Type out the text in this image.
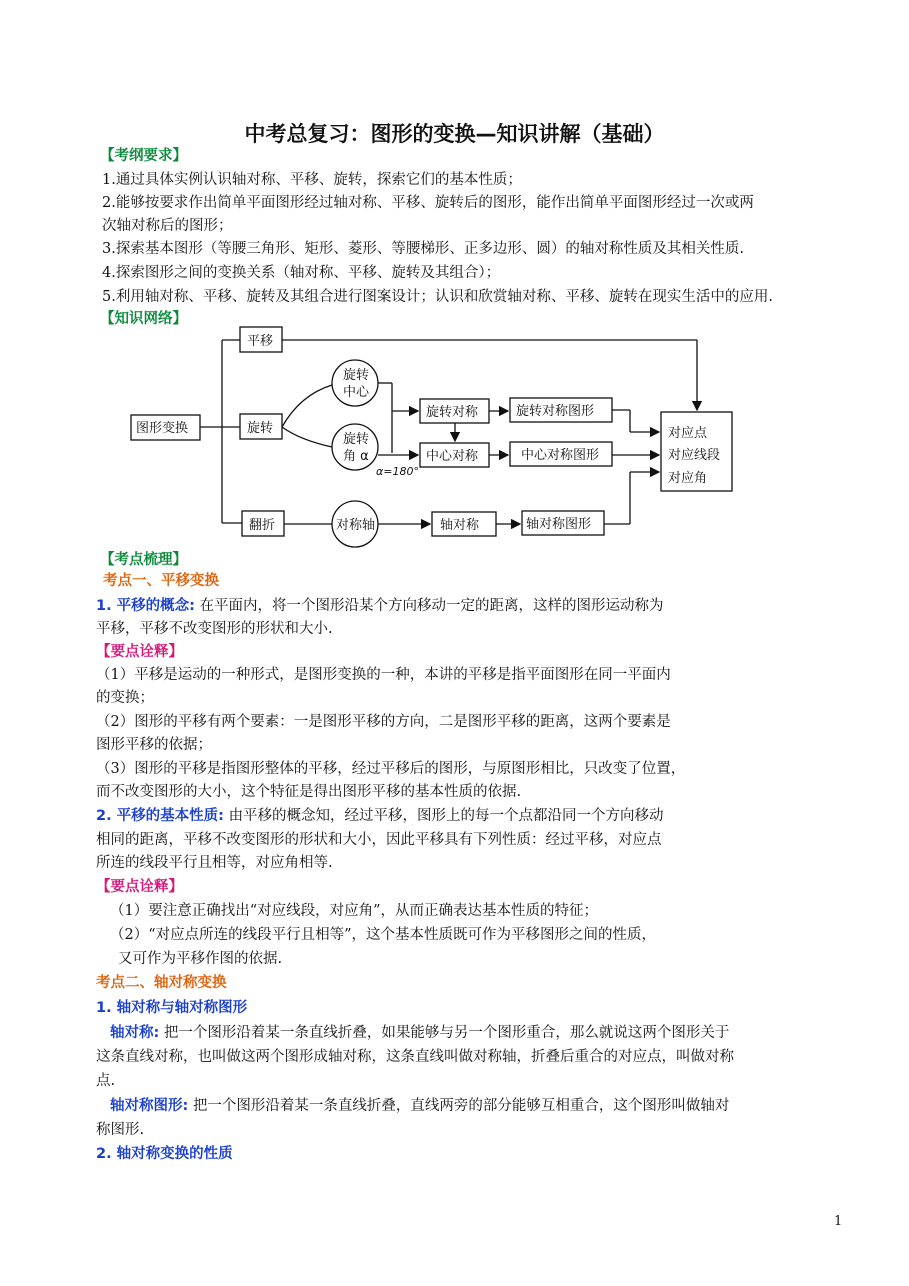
中考总复习：图形的变换—知识讲解（基础）
【考纲要求】
1.通过具体实例认识轴对称、平移、旋转，探索它们的基本性质；
2.能够按要求作出简单平面图形经过轴对称、平移、旋转后的图形，能作出简单平面图形经过一次或两
次轴对称后的图形；
3.探索基本图形（等腰三角形、矩形、菱形、等腰梯形、正多边形、圆）的轴对称性质及其相关性质.
4.探索图形之间的变换关系（轴对称、平移、旋转及其组合）；
5.利用轴对称、平移、旋转及其组合进行图案设计；认识和欣赏轴对称、平移、旋转在现实生活中的应用.
【知识网络】
图形变换
平移
旋转
翻折
旋转
中心
旋转
角 α
α=180°
旋转对称	旋转对称图形
中心对称	中心对称图形
对称轴	轴对称	轴对称图形
对应点
对应线段
对应角
【考点梳理】
考点一、平移变换
1. 平移的概念: 在平面内，将一个图形沿某个方向移动一定的距离，这样的图形运动称为
平移，平移不改变图形的形状和大小.
【要点诠释】
（1）平移是运动的一种形式，是图形变换的一种，本讲的平移是指平面图形在同一平面内
的变换；
（2）图形的平移有两个要素：一是图形平移的方向，二是图形平移的距离，这两个要素是
图形平移的依据；
（3）图形的平移是指图形整体的平移，经过平移后的图形，与原图形相比，只改变了位置，
而不改变图形的大小，这个特征是得出图形平移的基本性质的依据.
2. 平移的基本性质: 由平移的概念知，经过平移，图形上的每一个点都沿同一个方向移动
相同的距离，平移不改变图形的形状和大小，因此平移具有下列性质：经过平移，对应点
所连的线段平行且相等，对应角相等.
【要点诠释】
（1）要注意正确找出“对应线段，对应角”，从而正确表达基本性质的特征；
（2）“对应点所连的线段平行且相等”，这个基本性质既可作为平移图形之间的性质，
又可作为平移作图的依据.
考点二、轴对称变换
1. 轴对称与轴对称图形
轴对称: 把一个图形沿着某一条直线折叠，如果能够与另一个图形重合，那么就说这两个图形关于
这条直线对称，也叫做这两个图形成轴对称，这条直线叫做对称轴，折叠后重合的对应点，叫做对称
点.
轴对称图形: 把一个图形沿着某一条直线折叠，直线两旁的部分能够互相重合，这个图形叫做轴对
称图形.
2. 轴对称变换的性质
1
